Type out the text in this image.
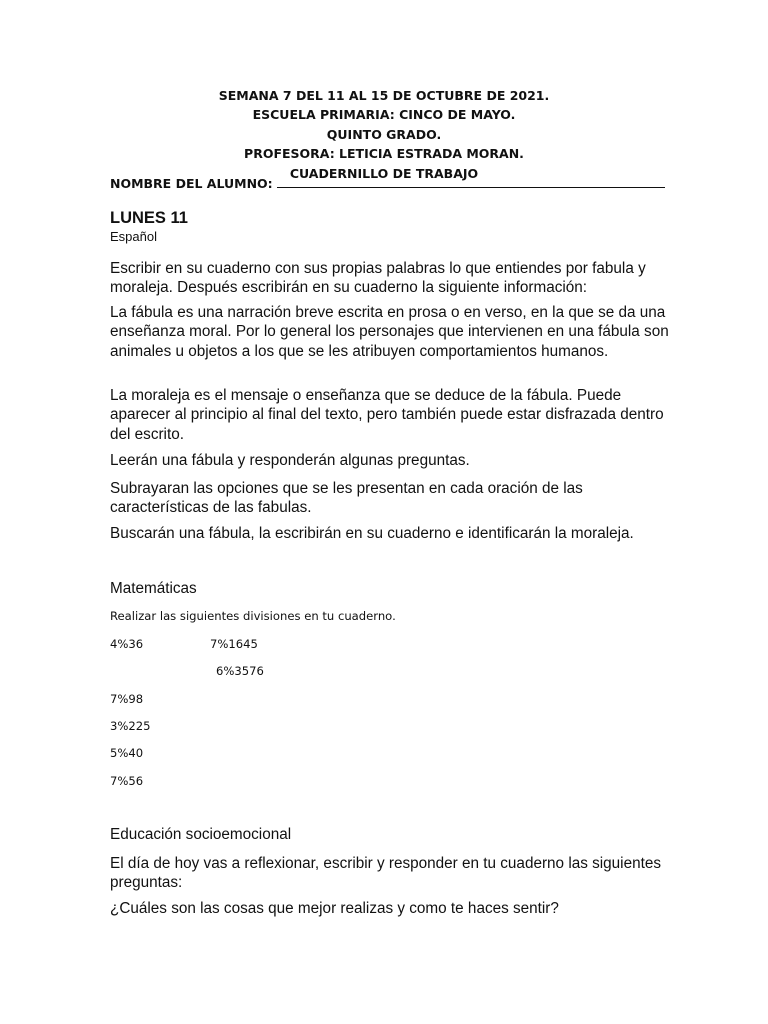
SEMANA 7 DEL 11 AL 15 DE OCTUBRE DE 2021.
ESCUELA PRIMARIA: CINCO DE MAYO.
QUINTO GRADO.
PROFESORA: LETICIA ESTRADA MORAN.
CUADERNILLO DE TRABAJO
NOMBRE DEL ALUMNO:
LUNES 11
Español

Escribir en su cuaderno con sus propias palabras lo que entiendes por fabula y moraleja. Después escribirán en su cuaderno la siguiente información:

La fábula es una narración breve escrita en prosa o en verso, en la que se da una enseñanza moral. Por lo general los personajes que intervienen en una fábula son animales u objetos a los que se les atribuyen comportamientos humanos.

La moraleja es el mensaje o enseñanza que se deduce de la fábula. Puede aparecer al principio al final del texto, pero también puede estar disfrazada dentro del escrito.

Leerán una fábula y responderán algunas preguntas.

Subrayaran las opciones que se les presentan en cada oración de las características de las fabulas.

Buscarán una fábula, la escribirán en su cuaderno e identificarán la moraleja.

Matemáticas
Realizar las siguientes divisiones en tu cuaderno.
4%36	7%1645
6%3576
7%98
3%225
5%40
7%56
Educación socioemocional

El día de hoy vas a reflexionar, escribir y responder en tu cuaderno las siguientes preguntas:

¿Cuáles son las cosas que mejor realizas y como te haces sentir?
